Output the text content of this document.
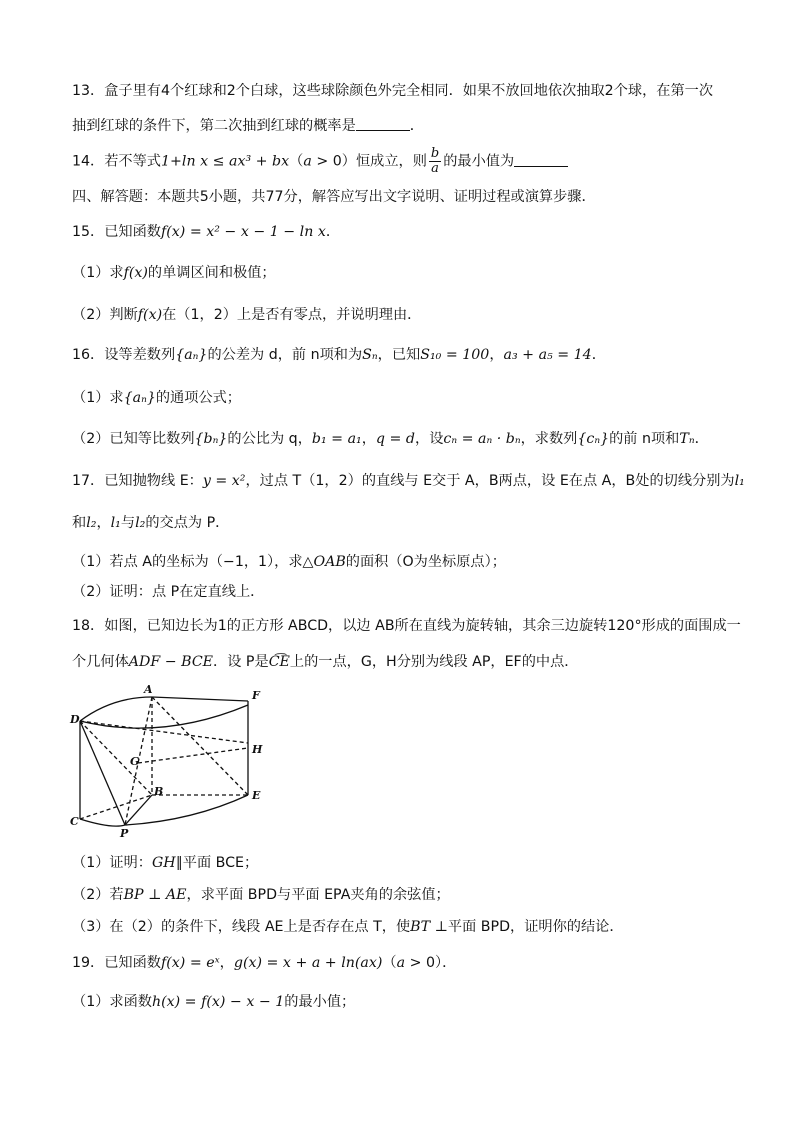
13．盒子里有4个红球和2个白球，这些球除颜色外完全相同．如果不放回地依次抽取2个球，在第一次
抽到红球的条件下，第二次抽到红球的概率是	．
14．若不等式1+ln x ≤ ax³ + bx（a > 0）恒成立，则 $\frac{b}{a}$ 的最小值为
四、解答题：本题共5小题，共77分，解答应写出文字说明、证明过程或演算步骤．
15．已知函数f(x) = x² − x − 1 − ln x．
（1）求f(x)的单调区间和极值；
（2）判断f(x)在（1，2）上是否有零点，并说明理由．
16．设等差数列{aₙ}的公差为 d，前 n项和为Sₙ，已知S₁₀ = 100，a₃ + a₅ = 14．
（1）求{aₙ}的通项公式；
（2）已知等比数列{bₙ}的公比为 q，b₁ = a₁，q = d，设cₙ = aₙ · bₙ，求数列{cₙ}的前 n项和Tₙ．
17．已知抛物线 E：y = x²，过点 T（1，2）的直线与 E交于 A，B两点，设 E在点 A，B处的切线分别为l₁
和l₂，l₁与l₂的交点为 P．
（1）若点 A的坐标为（−1，1），求△OAB的面积（O为坐标原点）；
（2）证明：点 P在定直线上．
18．如图，已知边长为1的正方形 ABCD，以边 AB所在直线为旋转轴，其余三边旋转120°形成的面围成一
个几何体ADF − BCE．设 P是C͡E上的一点，G，H分别为线段 AP，EF的中点．
（1）证明：GH∥平面 BCE；
（2）若BP ⊥ AE，求平面 BPD与平面 EPA夹角的余弦值；
（3）在（2）的条件下，线段 AE上是否存在点 T，使BT ⊥平面 BPD，证明你的结论．
19．已知函数f(x) = eˣ，g(x) = x + a + ln(ax)（a > 0）．
（1）求函数h(x) = f(x) − x − 1的最小值；
A	F
D
H
G
B	E
C
P
